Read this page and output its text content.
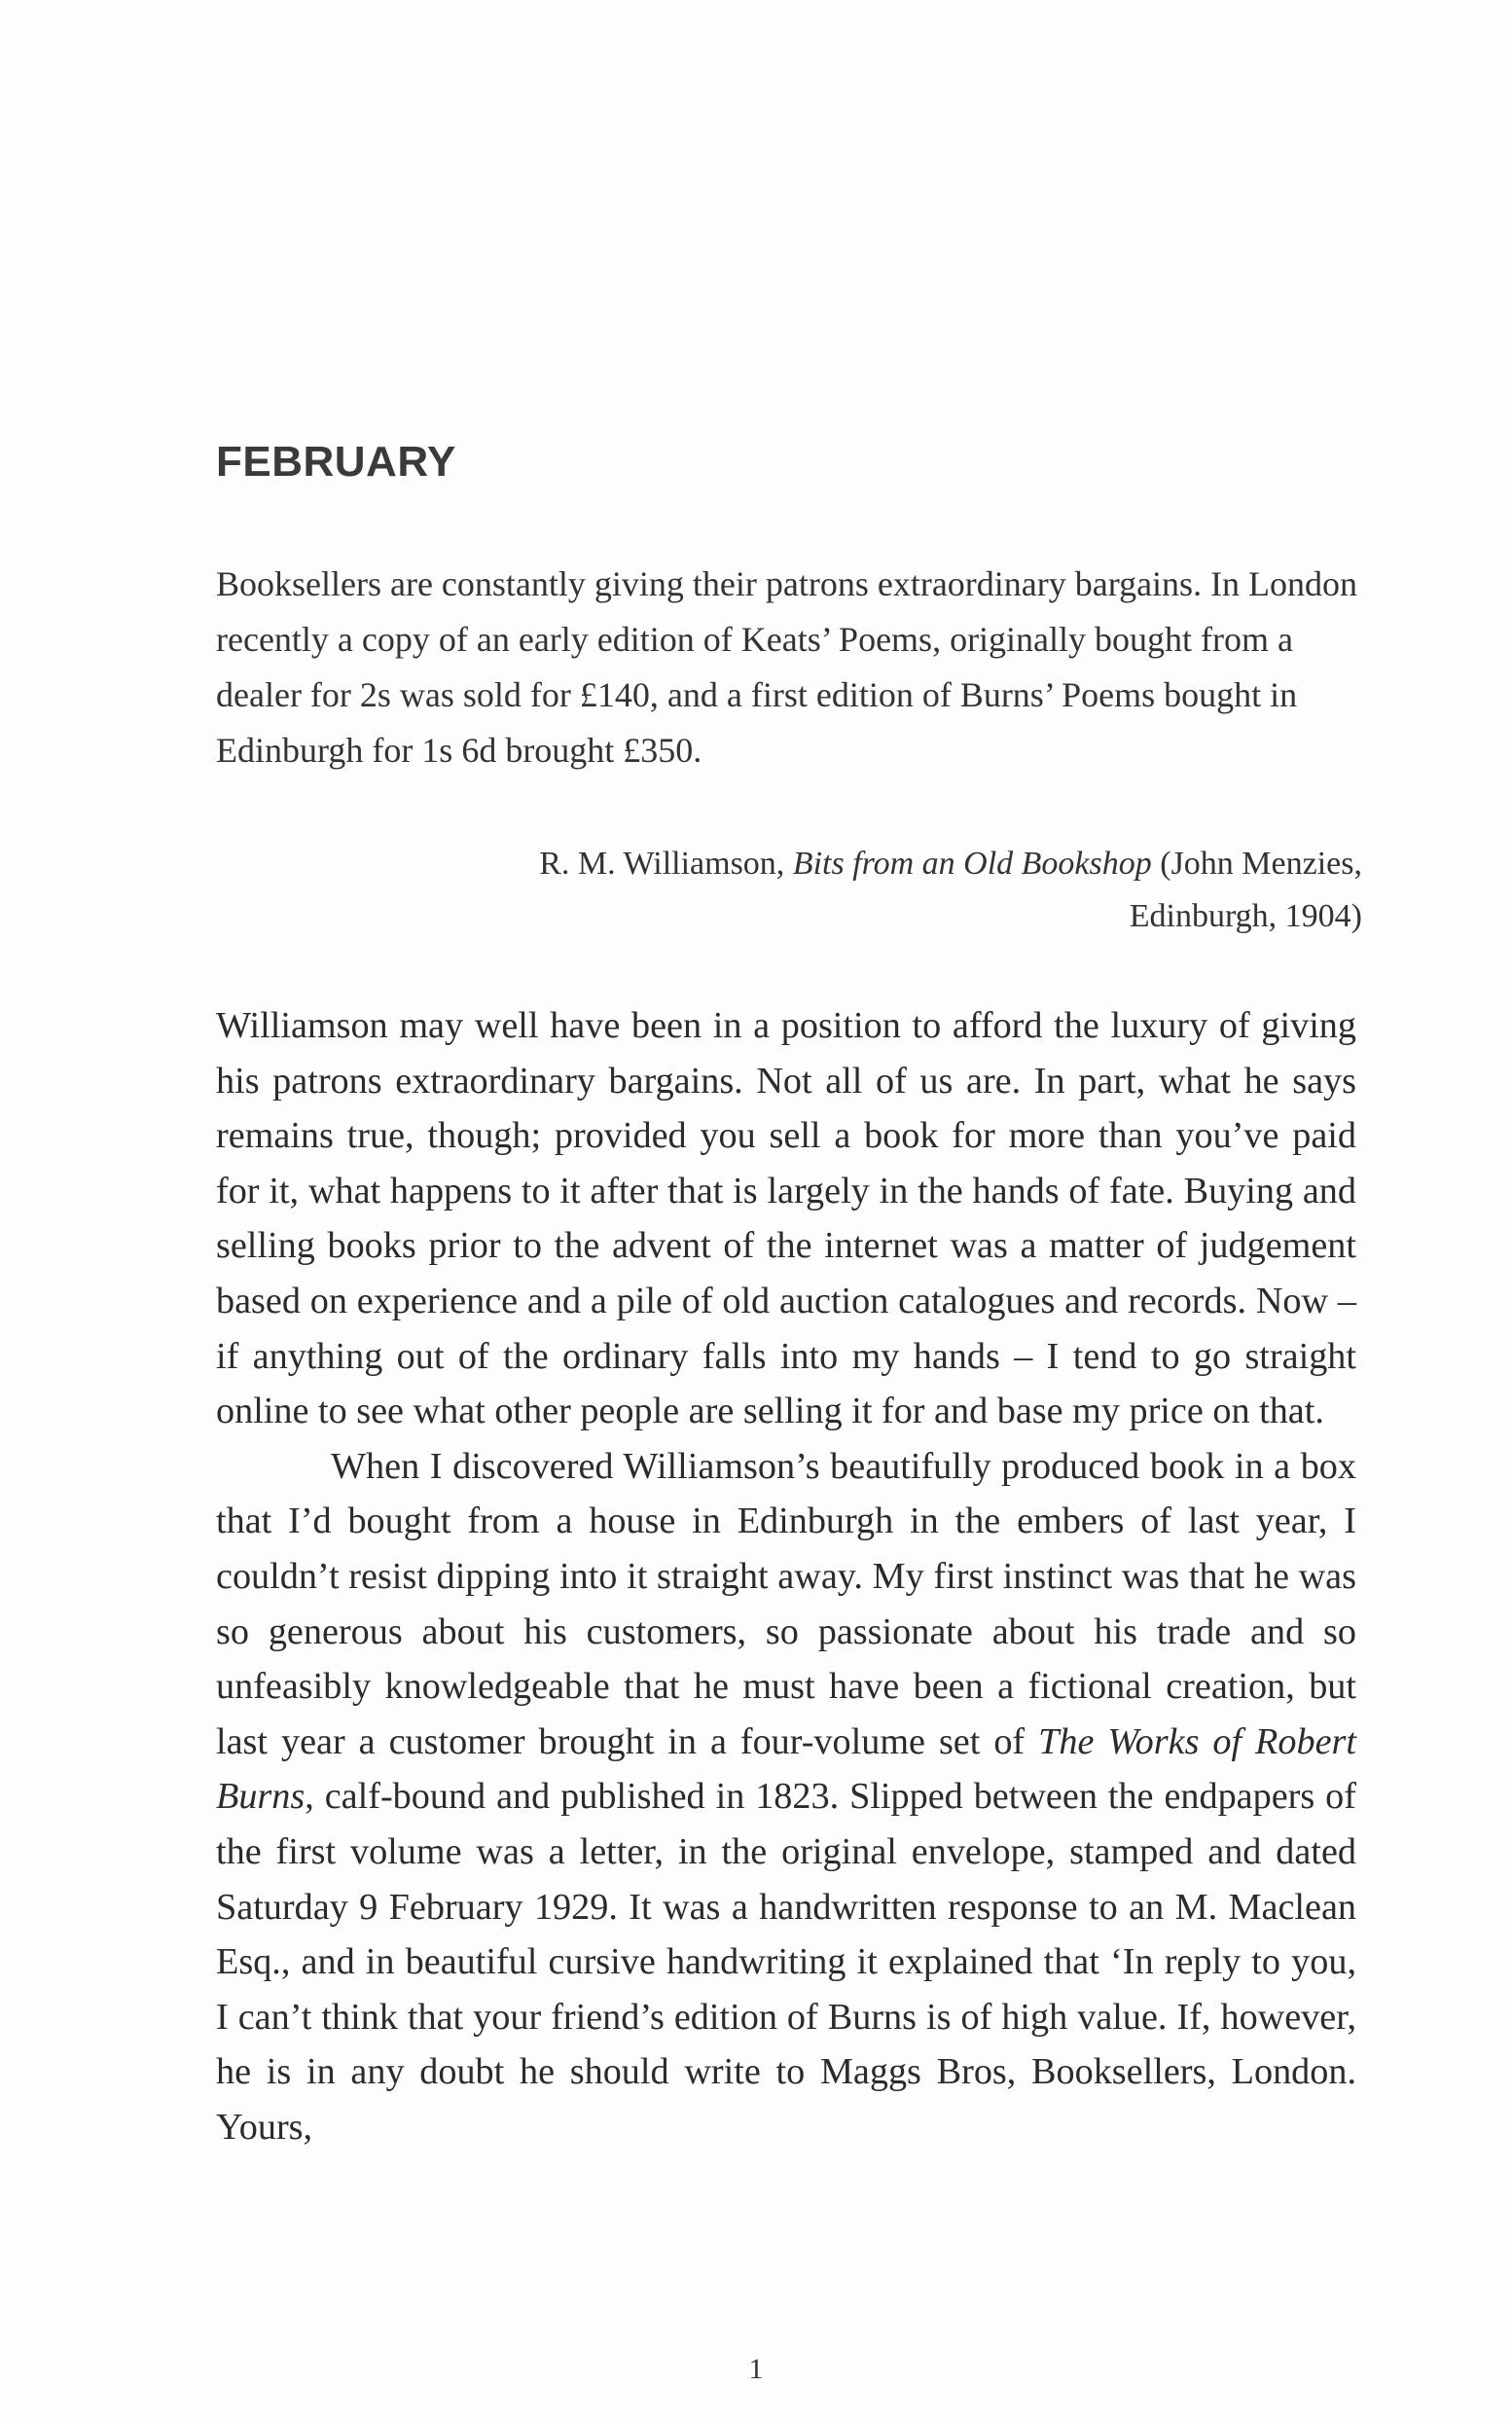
FEBRUARY

Booksellers are constantly giving their patrons extraordinary bargains. In London recently a copy of an early edition of Keats’ Poems, originally bought from a dealer for 2s was sold for £140, and a first edition of Burns’ Poems bought in Edinburgh for 1s 6d brought £350.

R. M. Williamson, Bits from an Old Bookshop (John Menzies,
Edinburgh, 1904)

Williamson may well have been in a position to afford the luxury of giving his patrons extraordinary bargains. Not all of us are. In part, what he says remains true, though; provided you sell a book for more than you’ve paid for it, what happens to it after that is largely in the hands of fate. Buying and selling books prior to the advent of the internet was a matter of judgement based on experience and a pile of old auction catalogues and records. Now – if anything out of the ordinary falls into my hands – I tend to go straight online to see what other people are selling it for and base my price on that.

When I discovered Williamson’s beautifully produced book in a box that I’d bought from a house in Edinburgh in the embers of last year, I couldn’t resist dipping into it straight away. My first instinct was that he was so generous about his customers, so passionate about his trade and so unfeasibly knowledgeable that he must have been a fictional creation, but last year a customer brought in a four-volume set of The Works of Robert Burns, calf-bound and published in 1823. Slipped between the endpapers of the first volume was a letter, in the original envelope, stamped and dated Saturday 9 February 1929. It was a handwritten response to an M. Maclean Esq., and in beautiful cursive handwriting it explained that ‘In reply to you, I can’t think that your friend’s edition of Burns is of high value. If, however, he is in any doubt he should write to Maggs Bros, Booksellers, London. Yours,

1
